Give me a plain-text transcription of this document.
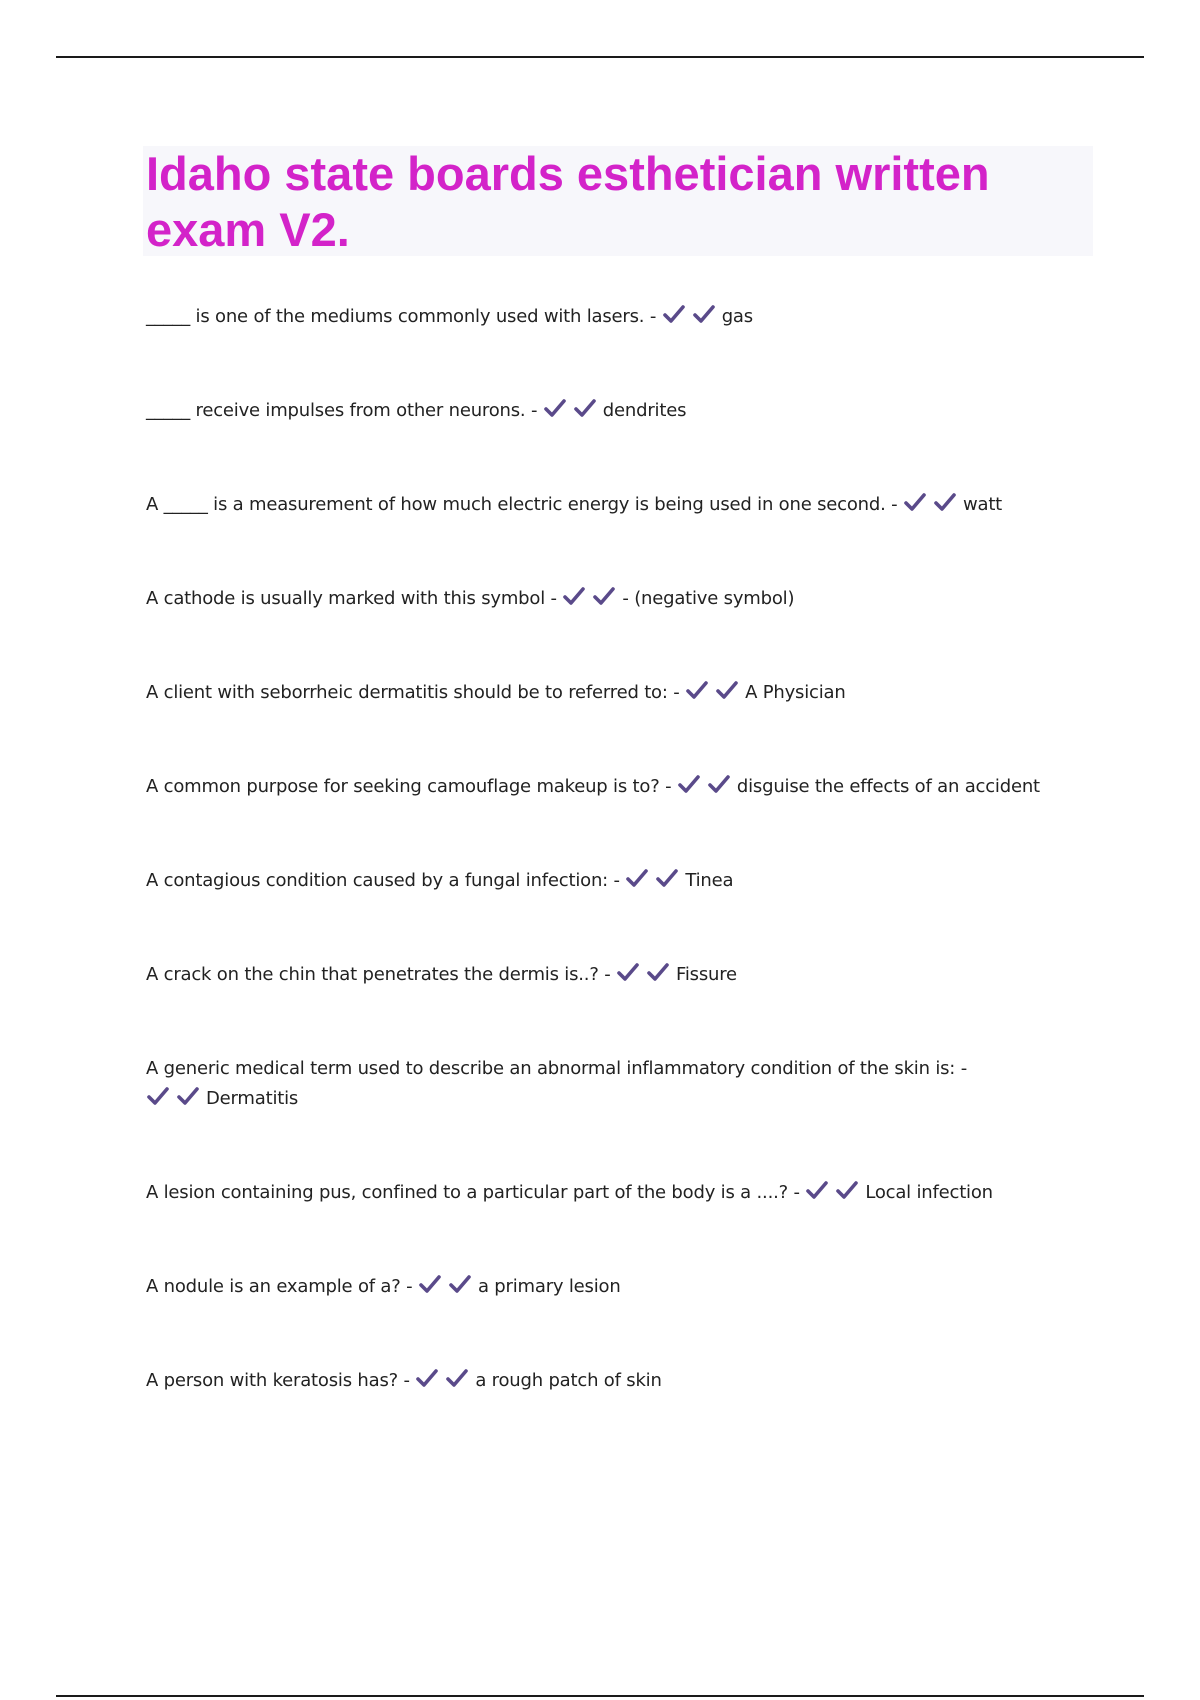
Idaho state boards esthetician written exam V2.
_____ is one of the mediums commonly used with lasers. -	gas
_____ receive impulses from other neurons. -	dendrites
A _____ is a measurement of how much electric energy is being used in one second. -	watt
A cathode is usually marked with this symbol -	- (negative symbol)
A client with seborrheic dermatitis should be to referred to: -	A Physician
A common purpose for seeking camouflage makeup is to? -	disguise the effects of an accident
A contagious condition caused by a fungal infection: -	Tinea
A crack on the chin that penetrates the dermis is..? -	Fissure
A generic medical term used to describe an abnormal inflammatory condition of the skin is: -

Dermatitis
A lesion containing pus, confined to a particular part of the body is a ....? -	Local infection
A nodule is an example of a? -	a primary lesion
A person with keratosis has? -	a rough patch of skin
